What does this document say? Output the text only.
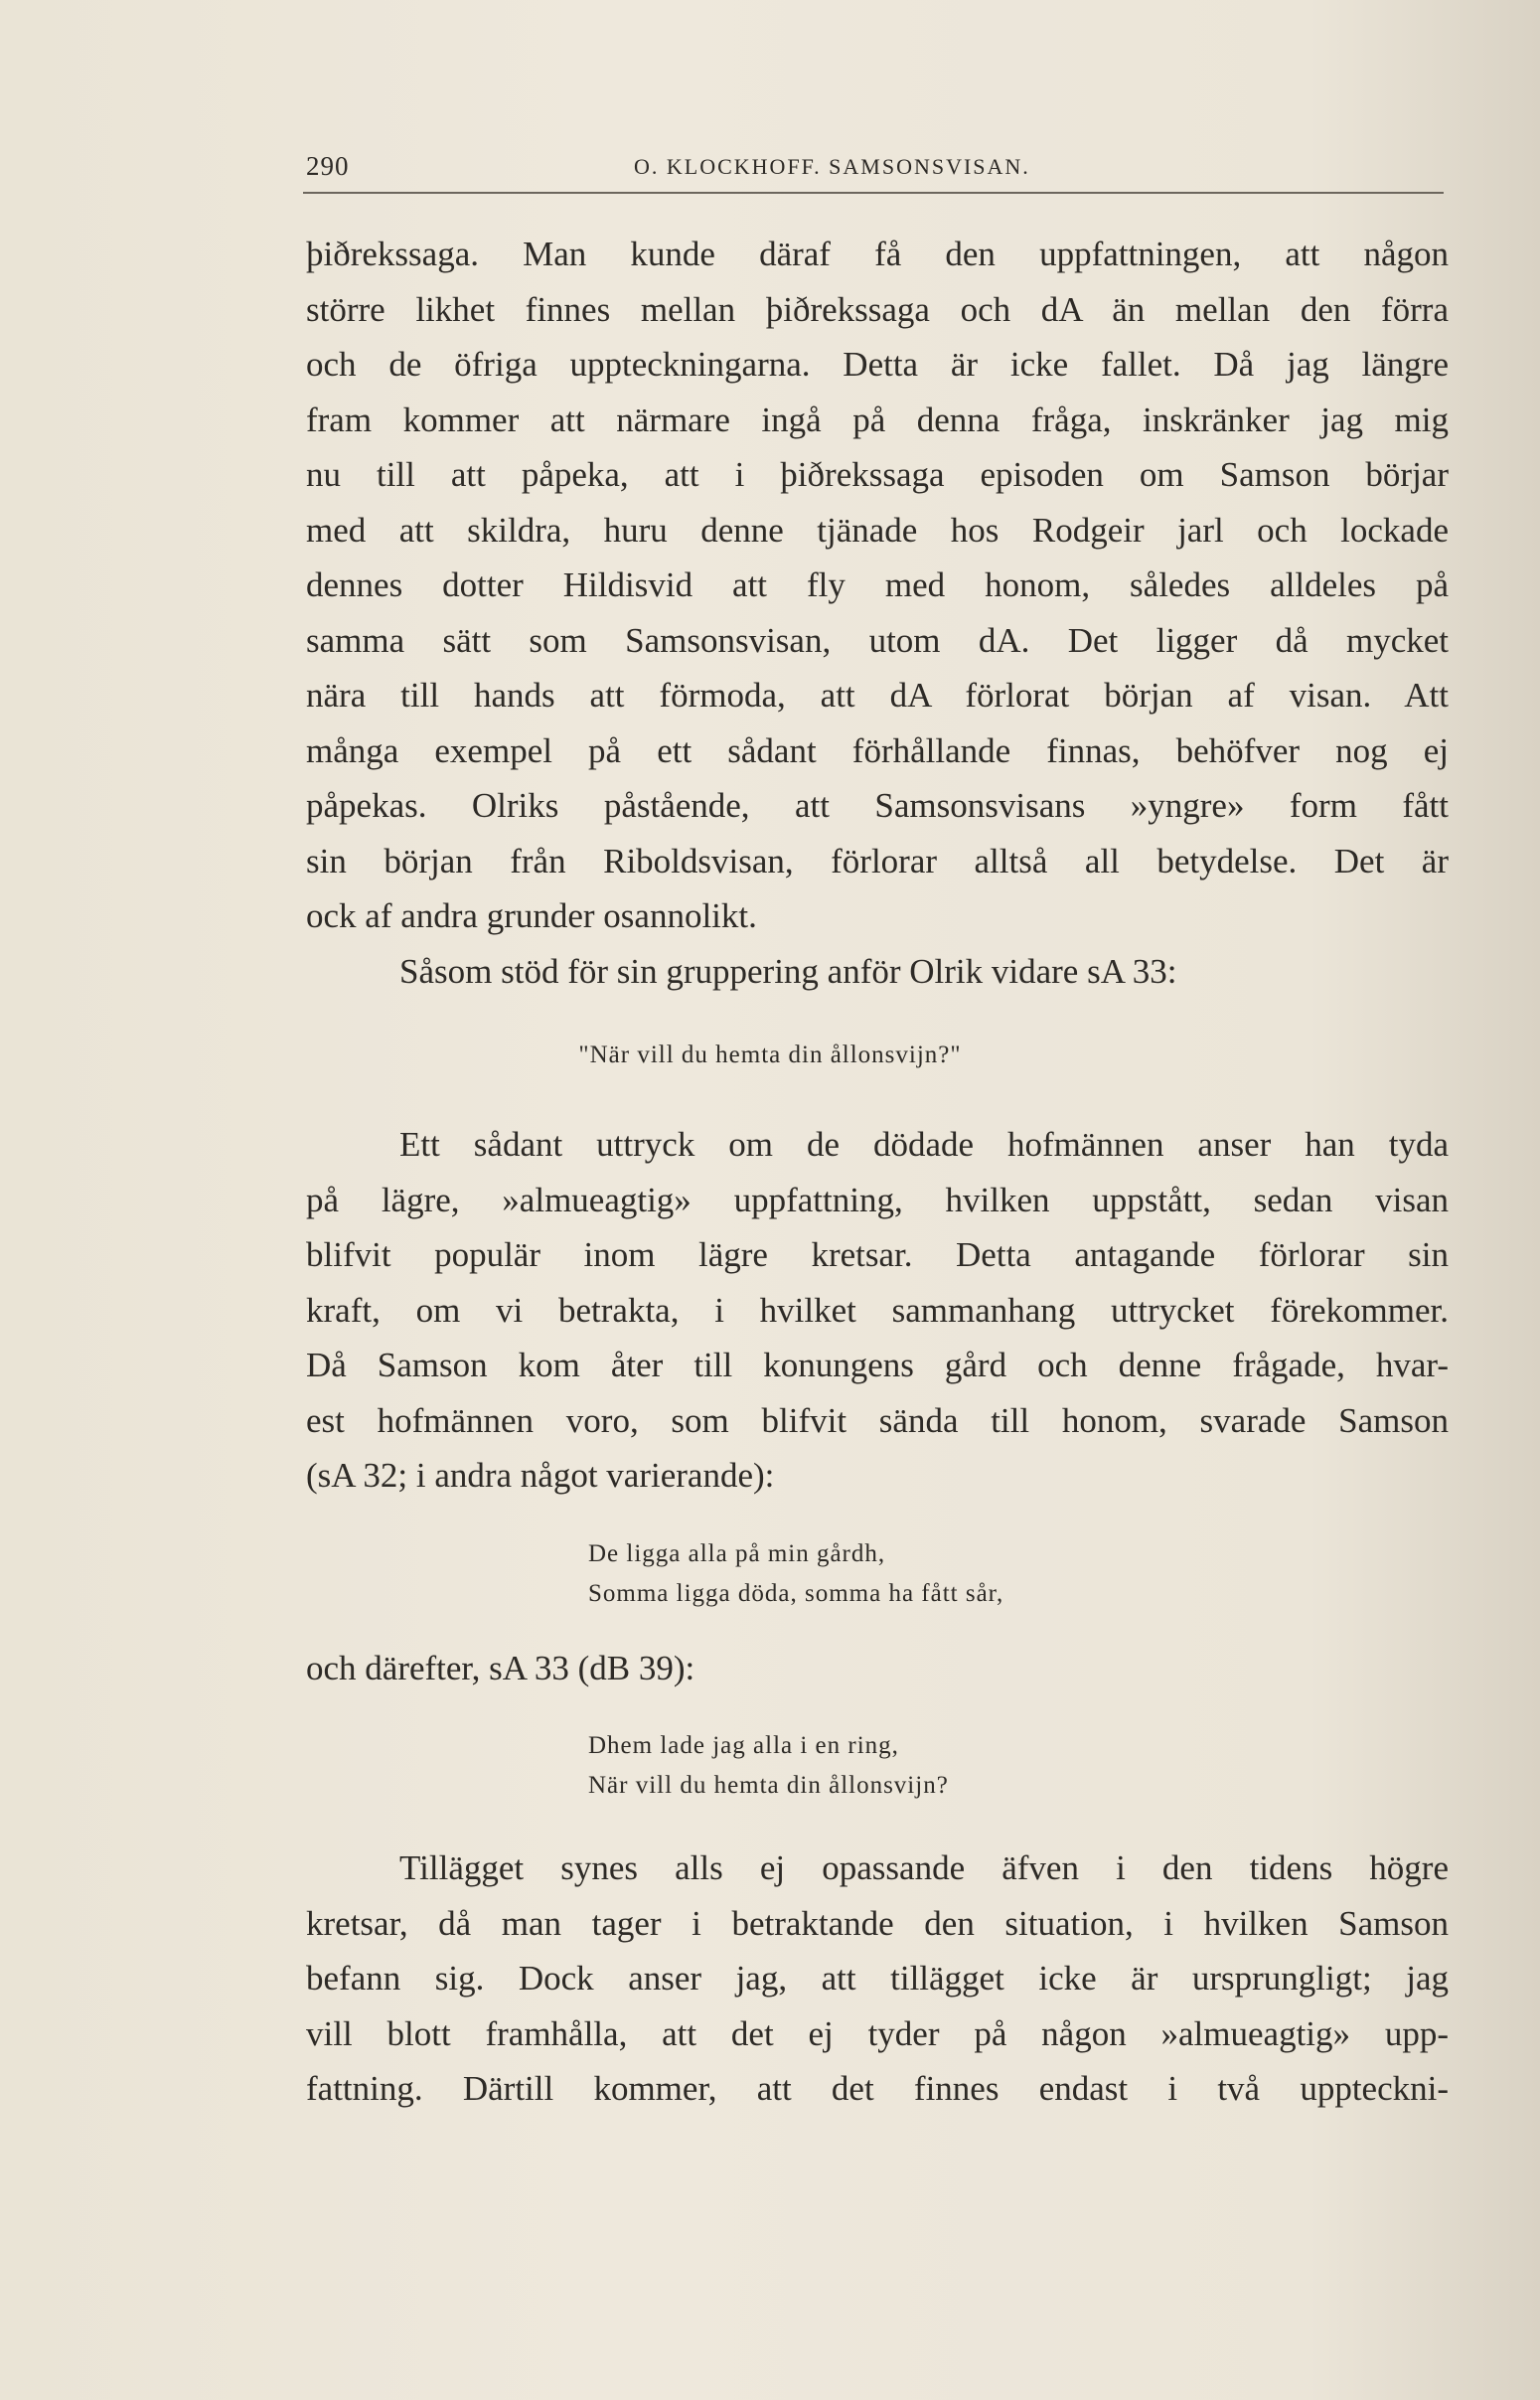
290	O. KLOCKHOFF. SAMSONSVISAN.
þiðrekssaga. Man kunde däraf få den uppfattningen, att någon
större likhet finnes mellan þiðrekssaga och dA än mellan den förra
och de öfriga uppteckningarna. Detta är icke fallet. Då jag längre
fram kommer att närmare ingå på denna fråga, inskränker jag mig
nu till att påpeka, att i þiðrekssaga episoden om Samson börjar
med att skildra, huru denne tjänade hos Rodgeir jarl och lockade
dennes dotter Hildisvid att fly med honom, således alldeles på
samma sätt som Samsonsvisan, utom dA. Det ligger då mycket
nära till hands att förmoda, att dA förlorat början af visan. Att
många exempel på ett sådant förhållande finnas, behöfver nog ej
påpekas. Olriks påstående, att Samsonsvisans »yngre» form fått
sin början från Riboldsvisan, förlorar alltså all betydelse. Det är
ock af andra grunder osannolikt.
Såsom stöd för sin gruppering anför Olrik vidare sA 33:
"När vill du hemta din ållonsvijn?"
Ett sådant uttryck om de dödade hofmännen anser han tyda
på lägre, »almueagtig» uppfattning, hvilken uppstått, sedan visan
blifvit populär inom lägre kretsar. Detta antagande förlorar sin
kraft, om vi betrakta, i hvilket sammanhang uttrycket förekommer.
Då Samson kom åter till konungens gård och denne frågade, hvar-
est hofmännen voro, som blifvit sända till honom, svarade Samson
(sA 32; i andra något varierande):
De ligga alla på min gårdh,
Somma ligga döda, somma ha fått sår,
och därefter, sA 33 (dB 39):
Dhem lade jag alla i en ring,
När vill du hemta din ållonsvijn?
Tillägget synes alls ej opassande äfven i den tidens högre
kretsar, då man tager i betraktande den situation, i hvilken Samson
befann sig. Dock anser jag, att tillägget icke är ursprungligt; jag
vill blott framhålla, att det ej tyder på någon »almueagtig» upp-
fattning. Därtill kommer, att det finnes endast i två uppteckni-
